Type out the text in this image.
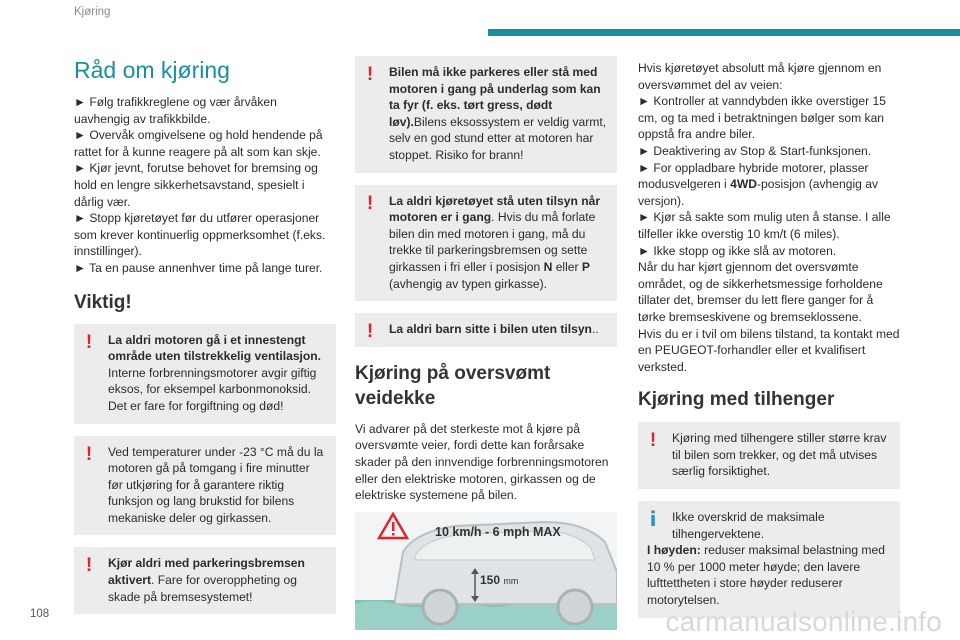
Kjøring
Råd om kjøring

► Følg trafikkreglene og vær årvåken uavhengig av trafikkbilde.

► Overvåk omgivelsene og hold hendende på rattet for å kunne reagere på alt som kan skje.

► Kjør jevnt, forutse behovet for bremsing og hold en lengre sikkerhetsavstand, spesielt i dårlig vær.

► Stopp kjøretøyet før du utfører operasjoner som krever kontinuerlig oppmerksomhet (f.eks. innstillinger).

► Ta en pause annenhver time på lange turer.

Viktig!
!	La aldri motoren gå i et innestengt område uten tilstrekkelig ventilasjon. Interne forbrenningsmotorer avgir giftig eksos, for eksempel karbonmonoksid. Det er fare for forgiftning og død!

!	Ved temperaturer under -23 °C må du la motoren gå på tomgang i fire minutter før utkjøring for å garantere riktig funksjon og lang brukstid for bilens mekaniske deler og girkassen.

!	Kjør aldri med parkeringsbremsen aktivert. Fare for overoppheting og skade på bremsesystemet!

!	Bilen må ikke parkeres eller stå med motoren i gang på underlag som kan ta fyr (f. eks. tørt gress, dødt løv).Bilens eksossystem er veldig varmt, selv en god stund etter at motoren har stoppet. Risiko for brann!

!	La aldri kjøretøyet stå uten tilsyn når motoren er i gang. Hvis du må forlate bilen din med motoren i gang, må du trekke til parkeringsbremsen og sette girkassen i fri eller i posisjon N eller P (avhengig av typen girkasse).

!	La aldri barn sitte i bilen uten tilsyn..

Kjøring på oversvømt veidekke

Vi advarer på det sterkeste mot å kjøre på oversvømte veier, fordi dette kan forårsake skader på den innvendige forbrenningsmotoren eller den elektriske motoren, girkassen og de elektriske systemene på bilen.

10 km/h - 6 mph MAX
150 mm

Hvis kjøretøyet absolutt må kjøre gjennom en oversvømmet del av veien:

► Kontroller at vanndybden ikke overstiger 15 cm, og ta med i betraktningen bølger som kan oppstå fra andre biler.

► Deaktivering av Stop & Start-funksjonen.

► For oppladbare hybride motorer, plasser modusvelgeren i 4WD-posisjon (avhengig av versjon).

► Kjør så sakte som mulig uten å stanse. I alle tilfeller ikke overstig 10 km/t (6 miles).

► Ikke stopp og ikke slå av motoren.

Når du har kjørt gjennom det oversvømte området, og de sikkerhetsmessige forholdene tillater det, bremser du lett flere ganger for å tørke bremseskivene og bremseklossene.

Hvis du er i tvil om bilens tilstand, ta kontakt med en PEUGEOT-forhandler eller et kvalifisert verksted.

Kjøring med tilhenger
!	Kjøring med tilhengere stiller større krav til bilen som trekker, og det må utvises særlig forsiktighet.

i	Ikke overskrid de maksimale tilhengervektene.

I høyden: reduser maksimal belastning med 10 % per 1000 meter høyde; den lavere lufttettheten i store høyder reduserer motorytelsen.

108	carmanualsonline.info
